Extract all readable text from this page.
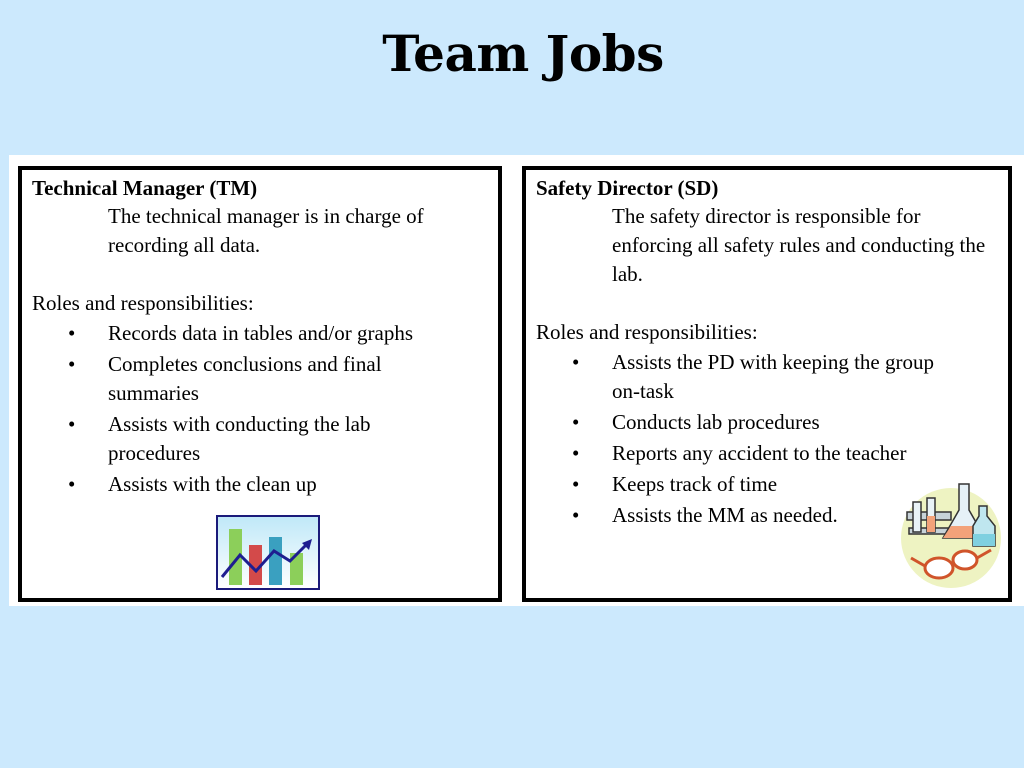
Team Jobs
Technical Manager (TM)
The technical manager is in charge of recording all data.
Roles and responsibilities:
• Records data in tables and/or graphs
• Completes conclusions and final summaries
• Assists with conducting the lab procedures
• Assists with the clean up
Safety Director (SD)
The safety director is responsible for enforcing all safety rules and conducting the lab.
Roles and responsibilities:
• Assists the PD with keeping the group on-task
• Conducts lab procedures
• Reports any accident to the teacher
• Keeps track of time
• Assists the MM as needed.
